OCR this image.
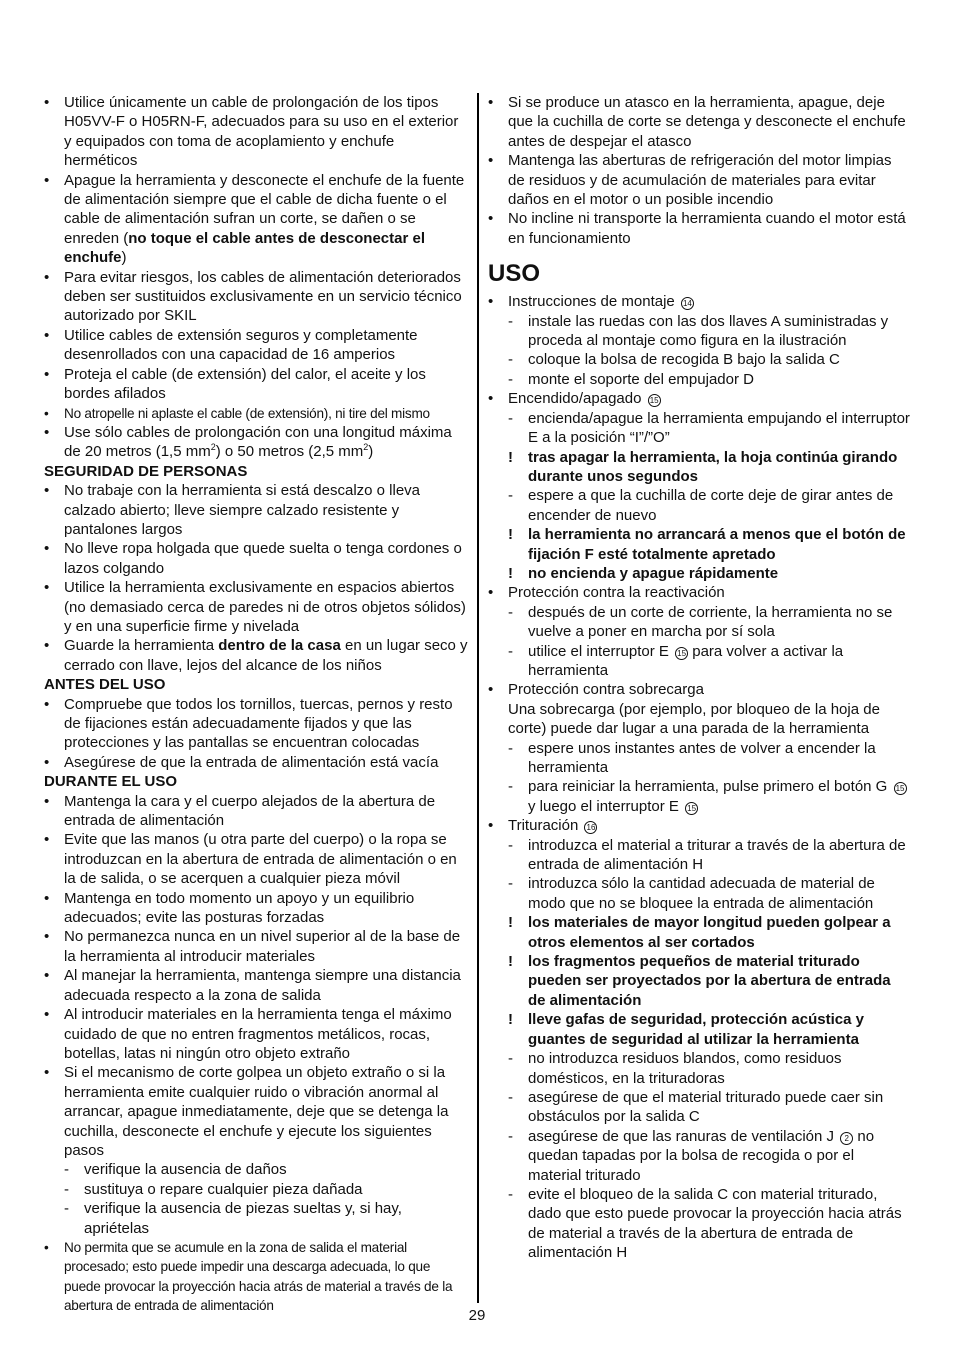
• Utilice únicamente un cable de prolongación de los tipos H05VV-F o H05RN-F, adecuados para su uso en el exterior y equipados con toma de acoplamiento y enchufe herméticos
• Apague la herramienta y desconecte el enchufe de la fuente de alimentación siempre que el cable de dicha fuente o el cable de alimentación sufran un corte, se dañen o se enreden (no toque el cable antes de desconectar el enchufe)
• Para evitar riesgos, los cables de alimentación deteriorados deben ser sustituidos exclusivamente en un servicio técnico autorizado por SKIL
• Utilice cables de extensión seguros y completamente desenrollados con una capacidad de 16 amperios
• Proteja el cable (de extensión) del calor, el aceite y los bordes afilados
• No atropelle ni aplaste el cable (de extensión), ni tire del mismo
• Use sólo cables de prolongación con una longitud máxima de 20 metros (1,5 $mm^2$) o 50 metros (2,5 $mm^2$)
SEGURIDAD DE PERSONAS
• No trabaje con la herramienta si está descalzo o lleva calzado abierto; lleve siempre calzado resistente y pantalones largos
• No lleve ropa holgada que quede suelta o tenga cordones o lazos colgando
• Utilice la herramienta exclusivamente en espacios abiertos (no demasiado cerca de paredes ni de otros objetos sólidos) y en una superficie firme y nivelada
• Guarde la herramienta dentro de la casa en un lugar seco y cerrado con llave, lejos del alcance de los niños
ANTES DEL USO
• Compruebe que todos los tornillos, tuercas, pernos y resto de fijaciones están adecuadamente fijados y que las protecciones y las pantallas se encuentran colocadas
• Asegúrese de que la entrada de alimentación está vacía
DURANTE EL USO
• Mantenga la cara y el cuerpo alejados de la abertura de entrada de alimentación
• Evite que las manos (u otra parte del cuerpo) o la ropa se introduzcan en la abertura de entrada de alimentación o en la de salida, o se acerquen a cualquier pieza móvil
• Mantenga en todo momento un apoyo y un equilibrio adecuados; evite las posturas forzadas
• No permanezca nunca en un nivel superior al de la base de la herramienta al introducir materiales
• Al manejar la herramienta, mantenga siempre una distancia adecuada respecto a la zona de salida
• Al introducir materiales en la herramienta tenga el máximo cuidado de que no entren fragmentos metálicos, rocas, botellas, latas ni ningún otro objeto extraño
• Si el mecanismo de corte golpea un objeto extraño o si la herramienta emite cualquier ruido o vibración anormal al arrancar, apague inmediatamente, deje que se detenga la cuchilla, desconecte el enchufe y ejecute los siguientes pasos
- verifique la ausencia de daños
- sustituya o repare cualquier pieza dañada
- verifique la ausencia de piezas sueltas y, si hay, apriételas
• No permita que se acumule en la zona de salida el material procesado; esto puede impedir una descarga adecuada, lo que puede provocar la proyección hacia atrás de material a través de la abertura de entrada de alimentación
• Si se produce un atasco en la herramienta, apague, deje que la cuchilla de corte se detenga y desconecte el enchufe antes de despejar el atasco
• Mantenga las aberturas de refrigeración del motor limpias de residuos y de acumulación de materiales para evitar daños en el motor o un posible incendio
• No incline ni transporte la herramienta cuando el motor está en funcionamiento
USO
• Instrucciones de montaje 14
- instale las ruedas con las dos llaves A suministradas y proceda al montaje como figura en la ilustración
- coloque la bolsa de recogida B bajo la salida C
- monte el soporte del empujador D
• Encendido/apagado 15
- encienda/apague la herramienta empujando el interruptor E a la posición “I”/”O”
! tras apagar la herramienta, la hoja continúa girando durante unos segundos
- espere a que la cuchilla de corte deje de girar antes de encender de nuevo
! la herramienta no arrancará a menos que el botón de fijación F esté totalmente apretado
! no encienda y apague rápidamente
• Protección contra la reactivación
- después de un corte de corriente, la herramienta no se vuelve a poner en marcha por sí sola
- utilice el interruptor E 15 para volver a activar la herramienta
• Protección contra sobrecarga
Una sobrecarga (por ejemplo, por bloqueo de la hoja de corte) puede dar lugar a una parada de la herramienta
- espere unos instantes antes de volver a encender la herramienta
- para reiniciar la herramienta, pulse primero el botón G 15 y luego el interruptor E 15
• Trituración 16
- introduzca el material a triturar a través de la abertura de entrada de alimentación H
- introduzca sólo la cantidad adecuada de material de modo que no se bloquee la entrada de alimentación
! los materiales de mayor longitud pueden golpear a otros elementos al ser cortados
! los fragmentos pequeños de material triturado pueden ser proyectados por la abertura de entrada de alimentación
! lleve gafas de seguridad, protección acústica y guantes de seguridad al utilizar la herramienta
- no introduzca residuos blandos, como residuos domésticos, en la trituradoras
- asegúrese de que el material triturado puede caer sin obstáculos por la salida C
- asegúrese de que las ranuras de ventilación J 2 no quedan tapadas por la bolsa de recogida o por el material triturado
- evite el bloqueo de la salida C con material triturado, dado que esto puede provocar la proyección hacia atrás de material a través de la abertura de entrada de alimentación H
29
